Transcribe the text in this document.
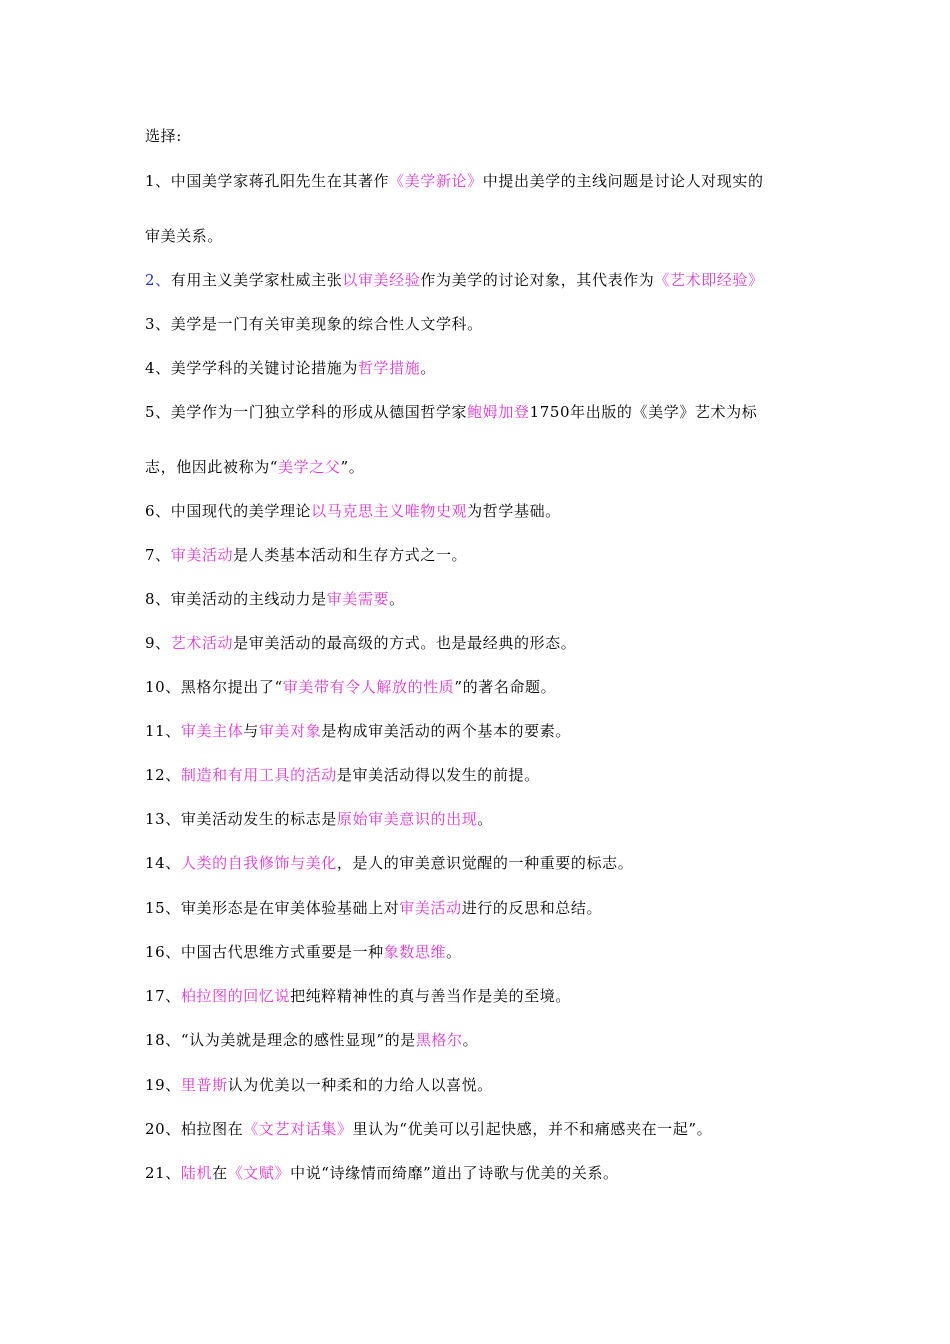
选择:
1、中国美学家蒋孔阳先生在其著作《美学新论》中提出美学的主线问题是讨论人对现实的
审美关系。
2、有用主义美学家杜威主张以审美经验作为美学的讨论对象，其代表作为《艺术即经验》
3、美学是一门有关审美现象的综合性人文学科。
4、美学学科的关键讨论措施为哲学措施。
5、美学作为一门独立学科的形成从德国哲学家鲍姆加登1750年出版的《美学》艺术为标
志，他因此被称为“美学之父”。
6、中国现代的美学理论以马克思主义唯物史观为哲学基础。
7、审美活动是人类基本活动和生存方式之一。
8、审美活动的主线动力是审美需要。
9、艺术活动是审美活动的最高级的方式。也是最经典的形态。
10、黑格尔提出了“审美带有令人解放的性质”的著名命题。
11、审美主体与审美对象是构成审美活动的两个基本的要素。
12、制造和有用工具的活动是审美活动得以发生的前提。
13、审美活动发生的标志是原始审美意识的出现。
14、人类的自我修饰与美化，是人的审美意识觉醒的一种重要的标志。
15、审美形态是在审美体验基础上对审美活动进行的反思和总结。
16、中国古代思维方式重要是一种象数思维。
17、柏拉图的回忆说把纯粹精神性的真与善当作是美的至境。
18、“认为美就是理念的感性显现”的是黑格尔。
19、里普斯认为优美以一种柔和的力给人以喜悦。
20、柏拉图在《文艺对话集》里认为“优美可以引起快感，并不和痛感夹在一起”。
21、陆机在《文赋》中说“诗缘情而绮靡”道出了诗歌与优美的关系。
